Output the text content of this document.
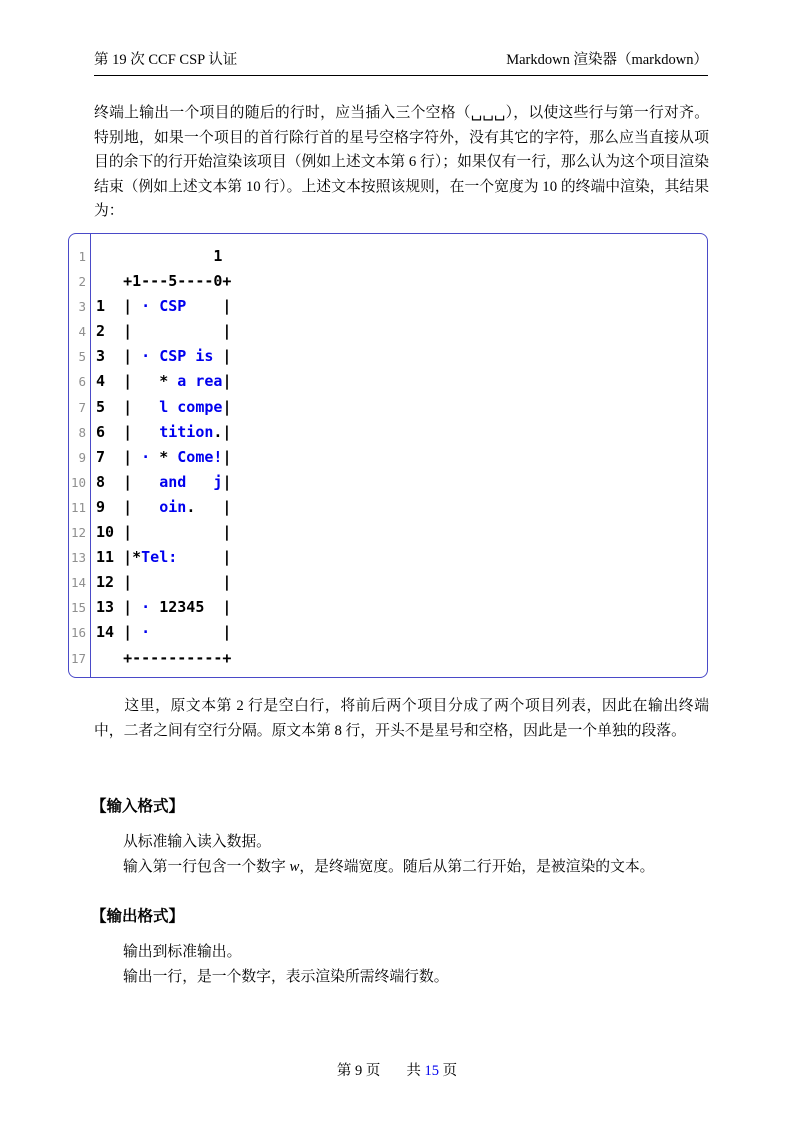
第 19 次 CCF CSP 认证	Markdown 渲染器（markdown）
终端上输出一个项目的随后的行时，应当插入三个空格（␣␣␣），以使这些行与第一行对齐。特别地，如果一个项目的首行除行首的星号空格字符外，没有其它的字符，那么应当直接从项目的余下的行开始渲染该项目（例如上述文本第 6 行）；如果仅有一行，那么认为这个项目渲染结束（例如上述文本第 10 行）。上述文本按照该规则，在一个宽度为 10 的终端中渲染，其结果为：
1
2
3
4
5
6
7
8
9
10
11
12
13
14
15
16
17
1
+1---5----0+
1  | · CSP    |
2  |          |
3  | · CSP is |
4  |   * a rea|
5  |   l compe|
6  |   tition.|
7  | · * Come!|
8  |   and   j|
9  |   oin.   |
10 |          |
11 |*Tel:     |
12 |          |
13 | · 12345  |
14 | ·        |
+----------+
这里，原文本第 2 行是空白行，将前后两个项目分成了两个项目列表，因此在输出终端中，二者之间有空行分隔。原文本第 8 行，开头不是星号和空格，因此是一个单独的段落。
【输入格式】
从标准输入读入数据。
输入第一行包含一个数字 w，是终端宽度。随后从第二行开始，是被渲染的文本。
【输出格式】
输出到标准输出。
输出一行，是一个数字，表示渲染所需终端行数。
第 9 页 共 15 页
